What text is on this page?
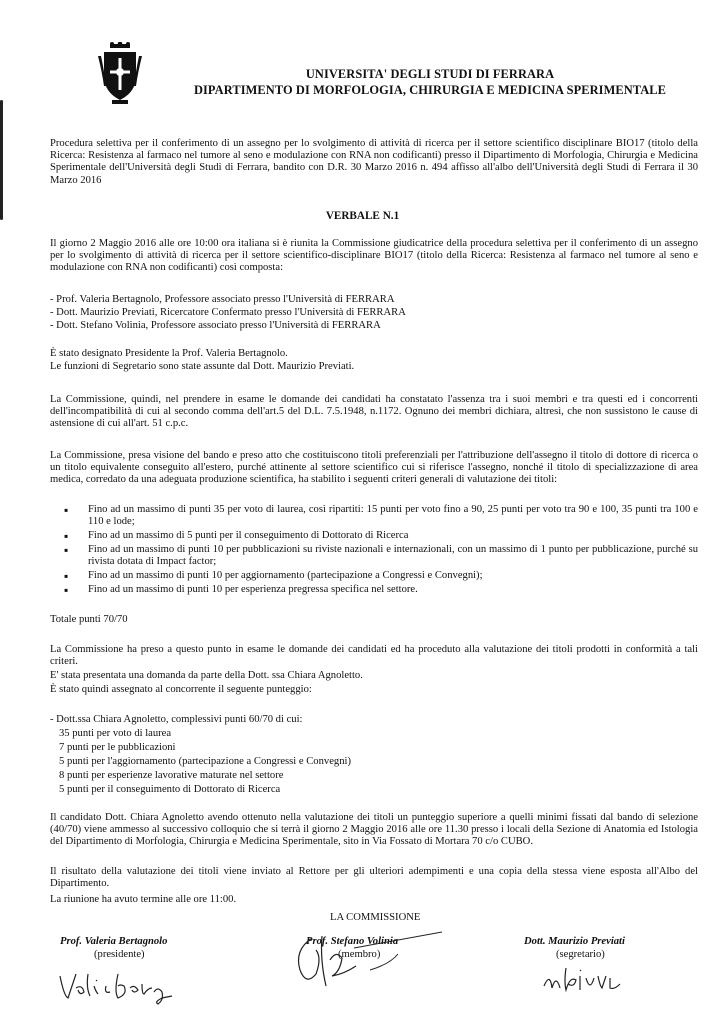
UNIVERSITA' DEGLI STUDI DI FERRARA
DIPARTIMENTO DI MORFOLOGIA, CHIRURGIA E MEDICINA SPERIMENTALE

Procedura selettiva per il conferimento di un assegno per lo svolgimento di attività di ricerca per il settore scientifico disciplinare BIO17 (titolo della Ricerca: Resistenza al farmaco nel tumore al seno e modulazione con RNA non codificanti) presso il Dipartimento di Morfologia, Chirurgia e Medicina Sperimentale dell'Università degli Studi di Ferrara, bandito con D.R. 30 Marzo 2016 n. 494 affisso all'albo dell'Università degli Studi di Ferrara il 30 Marzo 2016

VERBALE N.1

Il giorno 2 Maggio 2016 alle ore 10:00 ora italiana si è riunita la Commissione giudicatrice della procedura selettiva per il conferimento di un assegno per lo svolgimento di attività di ricerca per il settore scientifico-disciplinare BIO17 (titolo della Ricerca: Resistenza al farmaco nel tumore al seno e modulazione con RNA non codificanti) così composta:

- Prof. Valeria Bertagnolo, Professore associato presso l'Università di FERRARA
- Dott. Maurizio Previati, Ricercatore Confermato presso l'Università di FERRARA
- Dott. Stefano Volinia, Professore associato presso l'Università di FERRARA
È stato designato Presidente la Prof. Valeria Bertagnolo.
Le funzioni di Segretario sono state assunte dal Dott. Maurizio Previati.

La Commissione, quindi, nel prendere in esame le domande dei candidati ha constatato l'assenza tra i suoi membri e tra questi ed i concorrenti dell'incompatibilità di cui al secondo comma dell'art.5 del D.L. 7.5.1948, n.1172. Ognuno dei membri dichiara, altresì, che non sussistono le cause di astensione di cui all'art. 51 c.p.c.

La Commissione, presa visione del bando e preso atto che costituiscono titoli preferenziali per l'attribuzione dell'assegno il titolo di dottore di ricerca o un titolo equivalente conseguito all'estero, purché attinente al settore scientifico cui si riferisce l'assegno, nonché il titolo di specializzazione di area medica, corredato da una adeguata produzione scientifica, ha stabilito i seguenti criteri generali di valutazione dei titoli:

▪

Fino ad un massimo di punti 35 per voto di laurea, così ripartiti: 15 punti per voto fino a 90, 25 punti per voto tra 90 e 100, 35 punti tra 100 e 110 e lode;

▪

Fino ad un massimo di 5 punti per il conseguimento di Dottorato di Ricerca

▪

Fino ad un massimo di punti 10 per pubblicazioni su riviste nazionali e internazionali, con un massimo di 1 punto per pubblicazione, purché su rivista dotata di Impact factor;

▪

Fino ad un massimo di punti 10 per aggiornamento (partecipazione a Congressi e Convegni);

▪

Fino ad un massimo di punti 10 per esperienza pregressa specifica nel settore.

Totale punti 70/70

La Commissione ha preso a questo punto in esame le domande dei candidati ed ha proceduto alla valutazione dei titoli prodotti in conformità a tali criteri.

E' stata presentata una domanda da parte della Dott. ssa Chiara Agnoletto.
È stato quindi assegnato al concorrente il seguente punteggio:
- Dott.ssa Chiara Agnoletto, complessivi punti 60/70 di cui:
35 punti per voto di laurea
7 punti per le pubblicazioni
5 punti per l'aggiornamento (partecipazione a Congressi e Convegni)
8 punti per esperienze lavorative maturate nel settore
5 punti per il conseguimento di Dottorato di Ricerca

Il candidato Dott. Chiara Agnoletto avendo ottenuto nella valutazione dei titoli un punteggio superiore a quelli minimi fissati dal bando di selezione (40/70) viene ammesso al successivo colloquio che si terrà il giorno 2 Maggio 2016 alle ore 11.30 presso i locali della Sezione di Anatomia ed Istologia del Dipartimento di Morfologia, Chirurgia e Medicina Sperimentale, sito in Via Fossato di Mortara 70 c/o CUBO.

Il risultato della valutazione dei titoli viene inviato al Rettore per gli ulteriori adempimenti e una copia della stessa viene esposta all'Albo del Dipartimento.

La riunione ha avuto termine alle ore 11:00.
LA COMMISSIONE
Prof. Valeria Bertagnolo
(presidente)
Prof. Stefano Volinia
(membro)
Dott. Maurizio Previati
(segretario)
